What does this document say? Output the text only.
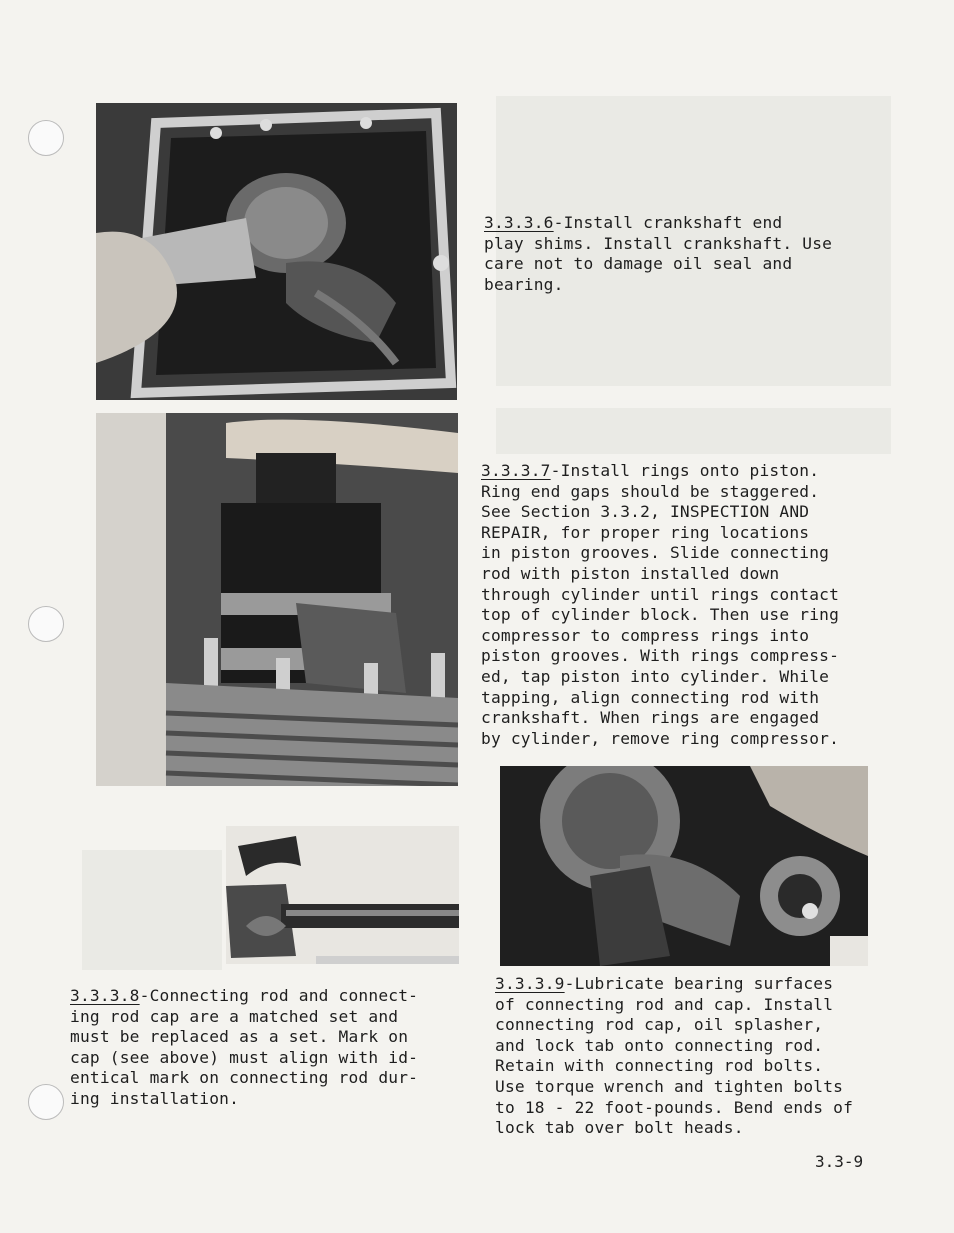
3.3.3.6-Install crankshaft end
play shims. Install crankshaft. Use
care not to damage oil seal and
bearing.
3.3.3.7-Install rings onto piston.
Ring end gaps should be staggered.
See Section 3.3.2, INSPECTION AND
REPAIR, for proper ring locations
in piston grooves. Slide connecting
rod with piston installed down
through cylinder until rings contact
top of cylinder block. Then use ring
compressor to compress rings into
piston grooves. With rings compress-
ed, tap piston into cylinder. While
tapping, align connecting rod with
crankshaft. When rings are engaged
by cylinder, remove ring compressor.
3.3.3.8-Connecting rod and connect-
ing rod cap are a matched set and
must be replaced as a set. Mark on
cap (see above) must align with id-
entical mark on connecting rod dur-
ing installation.
3.3.3.9-Lubricate bearing surfaces
of connecting rod and cap. Install
connecting rod cap, oil splasher,
and lock tab onto connecting rod.
Retain with connecting rod bolts.
Use torque wrench and tighten bolts
to 18 - 22 foot-pounds. Bend ends of
lock tab over bolt heads.
3.3-9
